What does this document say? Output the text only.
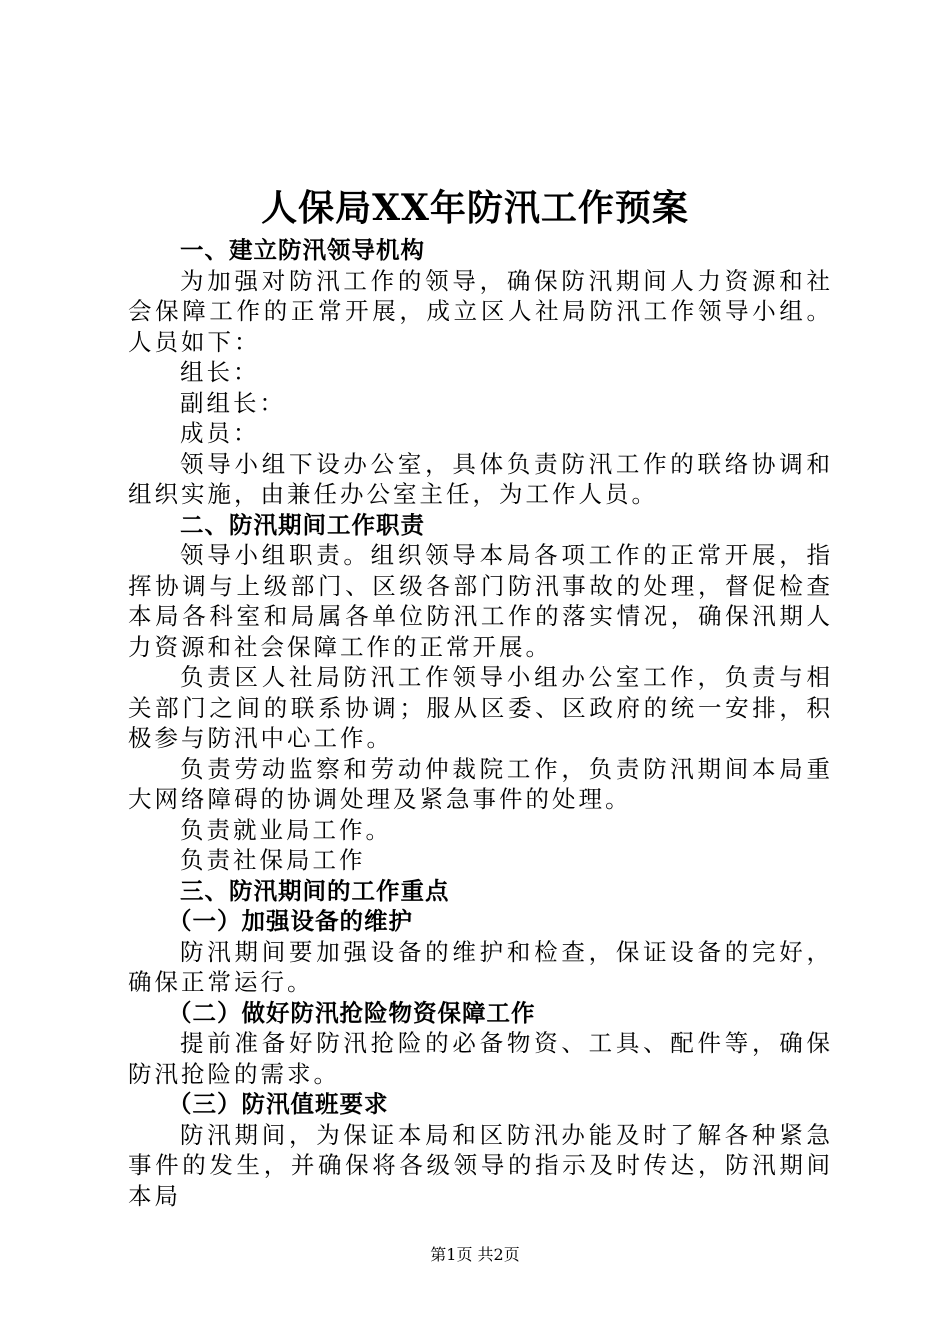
人保局XX年防汛工作预案

一、建立防汛领导机构

为加强对防汛工作的领导，确保防汛期间人力资源和社会保障工作的正常开展，成立区人社局防汛工作领导小组。人员如下：

组长：

副组长：

成员：

领导小组下设办公室，具体负责防汛工作的联络协调和组织实施，由兼任办公室主任，为工作人员。

二、防汛期间工作职责

领导小组职责。组织领导本局各项工作的正常开展，指挥协调与上级部门、区级各部门防汛事故的处理，督促检查本局各科室和局属各单位防汛工作的落实情况，确保汛期人力资源和社会保障工作的正常开展。

负责区人社局防汛工作领导小组办公室工作，负责与相关部门之间的联系协调；服从区委、区政府的统一安排，积极参与防汛中心工作。

负责劳动监察和劳动仲裁院工作，负责防汛期间本局重大网络障碍的协调处理及紧急事件的处理。

负责就业局工作。

负责社保局工作

三、防汛期间的工作重点

（一）加强设备的维护

防汛期间要加强设备的维护和检查，保证设备的完好，确保正常运行。

（二）做好防汛抢险物资保障工作

提前准备好防汛抢险的必备物资、工具、配件等，确保防汛抢险的需求。

（三）防汛值班要求

防汛期间，为保证本局和区防汛办能及时了解各种紧急事件的发生，并确保将各级领导的指示及时传达，防汛期间本局

第1页 共2页
